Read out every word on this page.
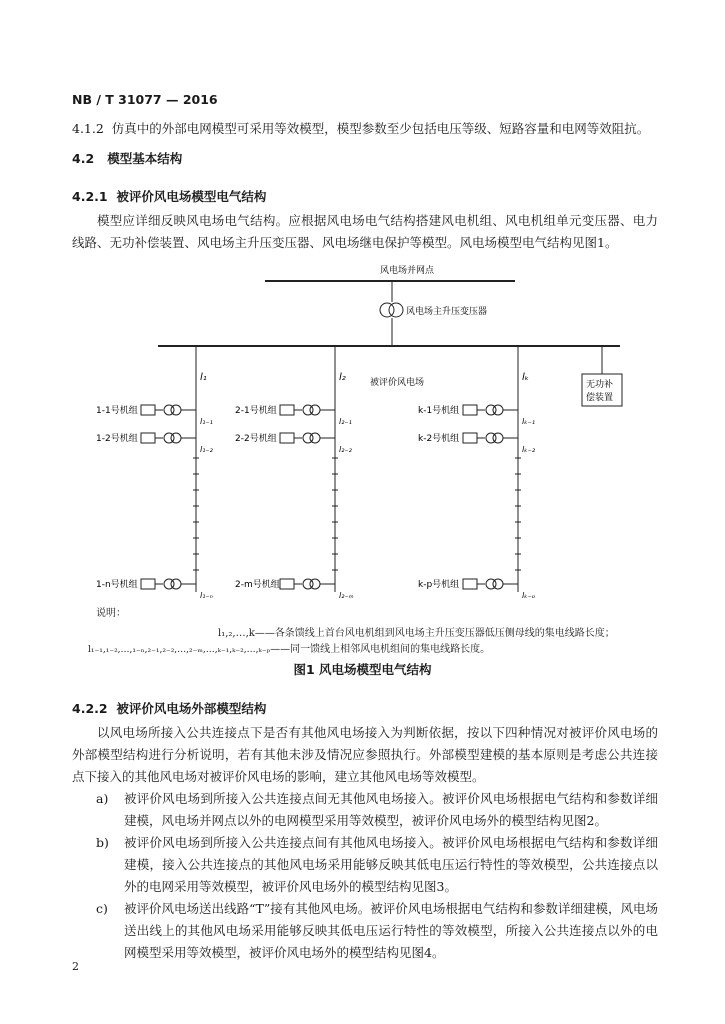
NB / T 31077 — 2016
4.1.2 仿真中的外部电网模型可采用等效模型，模型参数至少包括电压等级、短路容量和电网等效阻抗。
4.2 模型基本结构
4.2.1 被评价风电场模型电气结构
模型应详细反映风电场电气结构。应根据风电场电气结构搭建风电机组、风电机组单元变压器、电力线路、无功补偿装置、风电场主升压变压器、风电场继电保护等模型。风电场模型电气结构见图1。
l₁
1-1号机组
l₁₋₁
1-2号机组
l₁₋₂
1-n号机组
l₁₋ₙ
l₂
2-1号机组
l₂₋₁
2-2号机组
l₂₋₂
2-m号机组
l₂₋ₘ
lₖ
k-1号机组
lₖ₋₁
k-2号机组
lₖ₋₂
k-p号机组
lₖ₋ₚ
风电场并网点
风电场主升压变压器
被评价风电场	无功补
偿装置
说明：
l₁,₂,…,k——各条馈线上首台风电机组到风电场主升压变压器低压侧母线的集电线路长度；
l₁₋₁,₁₋₂,…,₁₋ₙ,₂₋₁,₂₋₂,…,₂₋ₘ,…,ₖ₋₁,ₖ₋₂,…,ₖ₋ₚ——同一馈线上相邻风电机组间的集电线路长度。
图1 风电场模型电气结构
4.2.2 被评价风电场外部模型结构
以风电场所接入公共连接点下是否有其他风电场接入为判断依据，按以下四种情况对被评价风电场的外部模型结构进行分析说明，若有其他未涉及情况应参照执行。外部模型建模的基本原则是考虑公共连接点下接入的其他风电场对被评价风电场的影响，建立其他风电场等效模型。
a) 被评价风电场到所接入公共连接点间无其他风电场接入。被评价风电场根据电气结构和参数详细建模，风电场并网点以外的电网模型采用等效模型，被评价风电场外的模型结构见图2。
b) 被评价风电场到所接入公共连接点间有其他风电场接入。被评价风电场根据电气结构和参数详细建模，接入公共连接点的其他风电场采用能够反映其低电压运行特性的等效模型，公共连接点以外的电网采用等效模型，被评价风电场外的模型结构见图3。
c) 被评价风电场送出线路“T”接有其他风电场。被评价风电场根据电气结构和参数详细建模，风电场送出线上的其他风电场采用能够反映其低电压运行特性的等效模型，所接入公共连接点以外的电网模型采用等效模型，被评价风电场外的模型结构见图4。
2
